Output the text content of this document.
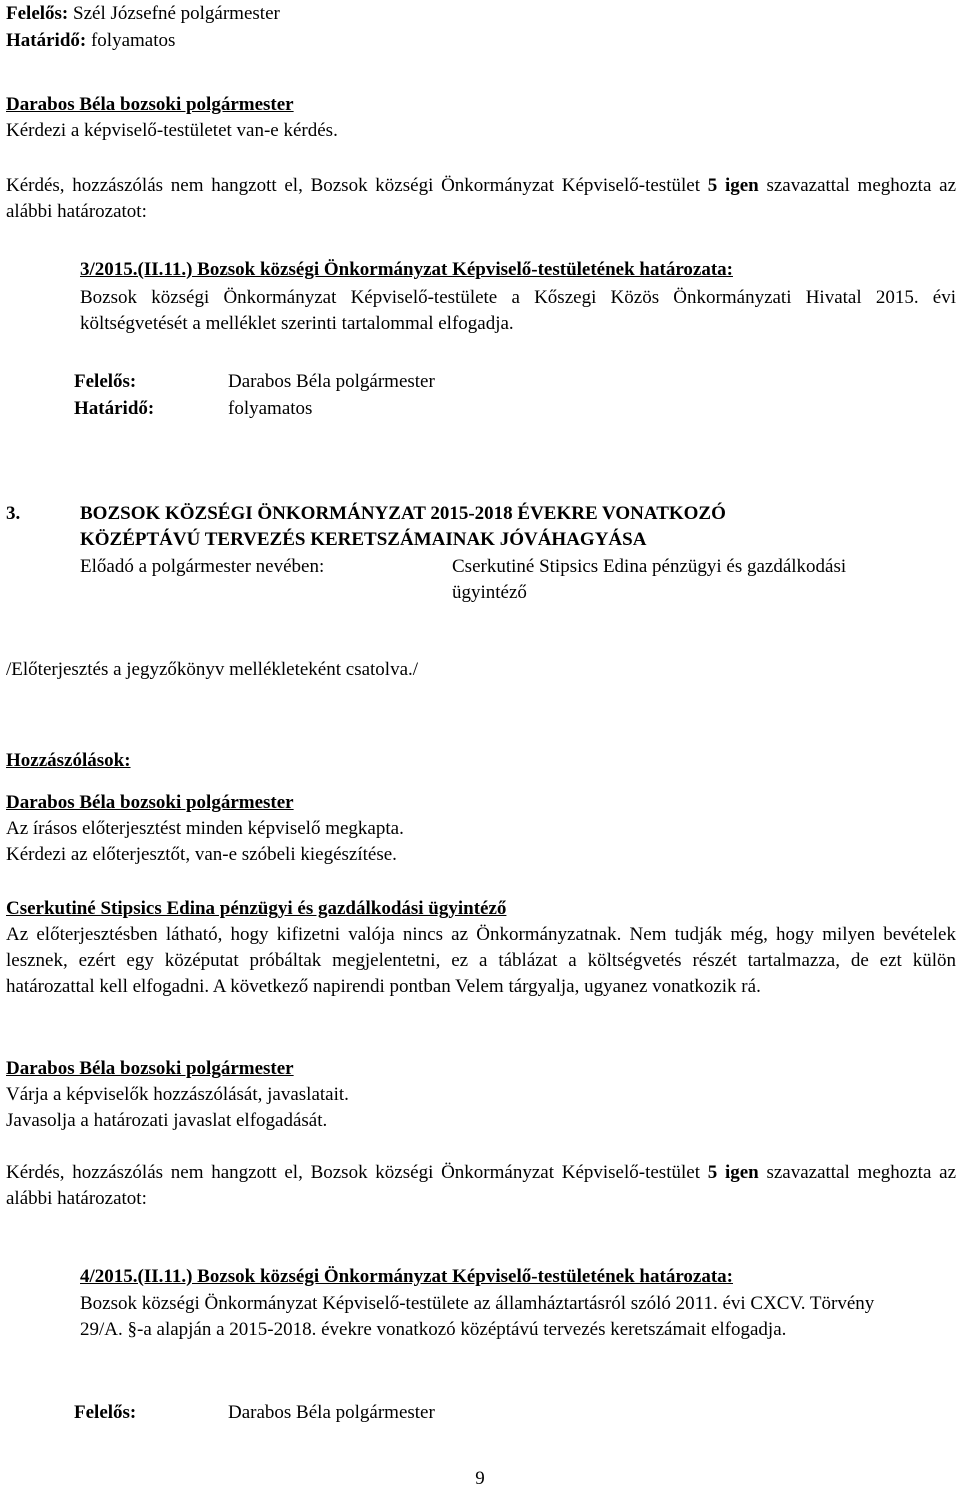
Felelős: Szél Józsefné polgármester
Határidő: folyamatos
Darabos Béla bozsoki polgármester
Kérdezi a képviselő-testületet van-e kérdés.
Kérdés, hozzászólás nem hangzott el, Bozsok községi Önkormányzat Képviselő-testület 5 igen szavazattal meghozta az alábbi határozatot:
3/2015.(II.11.) Bozsok községi Önkormányzat Képviselő-testületének határozata:
Bozsok községi Önkormányzat Képviselő-testülete a Kőszegi Közös Önkormányzati Hivatal 2015. évi költségvetését a melléklet szerinti tartalommal elfogadja.
Felelős:	Darabos Béla polgármester
Határidő:	folyamatos
3.	BOZSOK KÖZSÉGI ÖNKORMÁNYZAT 2015-2018 ÉVEKRE VONATKOZÓ
KÖZÉPTÁVÚ TERVEZÉS KERETSZÁMAINAK JÓVÁHAGYÁSA
Előadó a polgármester nevében:	Cserkutiné Stipsics Edina pénzügyi és gazdálkodási
ügyintéző
/Előterjesztés a jegyzőkönyv mellékleteként csatolva./
Hozzászólások:
Darabos Béla bozsoki polgármester
Az írásos előterjesztést minden képviselő megkapta.
Kérdezi az előterjesztőt, van-e szóbeli kiegészítése.
Cserkutiné Stipsics Edina pénzügyi és gazdálkodási ügyintéző
Az előterjesztésben látható, hogy kifizetni valója nincs az Önkormányzatnak. Nem tudják még, hogy milyen bevételek lesznek, ezért egy középutat próbáltak megjelentetni, ez a táblázat a költségvetés részét tartalmazza, de ezt külön határozattal kell elfogadni. A következő napirendi pontban Velem tárgyalja, ugyanez vonatkozik rá.
Darabos Béla bozsoki polgármester
Várja a képviselők hozzászólását, javaslatait.
Javasolja a határozati javaslat elfogadását.
Kérdés, hozzászólás nem hangzott el, Bozsok községi Önkormányzat Képviselő-testület 5 igen szavazattal meghozta az alábbi határozatot:
4/2015.(II.11.) Bozsok községi Önkormányzat Képviselő-testületének határozata:
Bozsok községi Önkormányzat Képviselő-testülete az államháztartásról szóló 2011. évi CXCV. Törvény 29/A. §-a alapján a 2015-2018. évekre vonatkozó középtávú tervezés keretszámait elfogadja.
Felelős:	Darabos Béla polgármester
9
